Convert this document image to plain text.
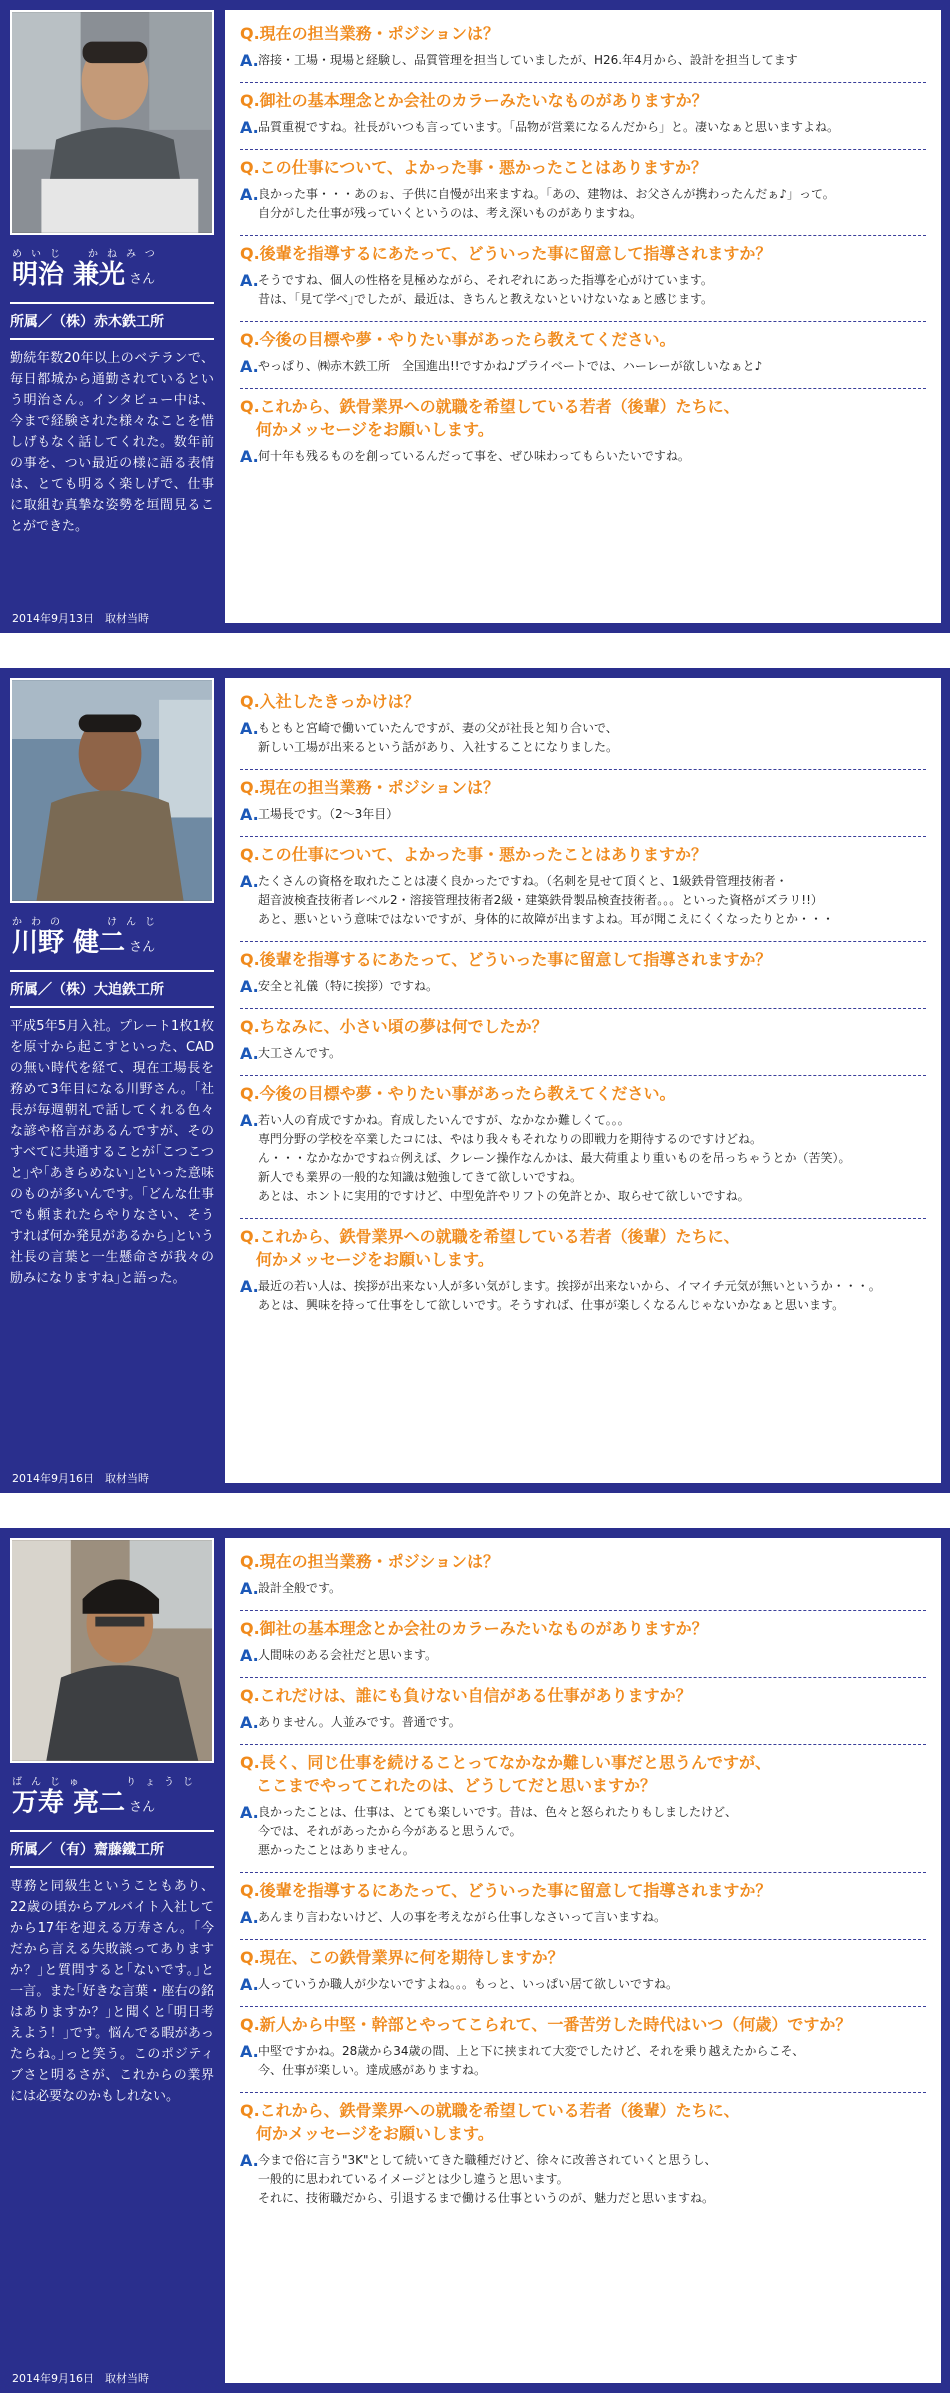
めいじ　かねみつ
明治 兼光 さん
所属／（株）赤木鉄工所
勤続年数20年以上のベテランで、毎日都城から通勤されているという明治さん。インタビュー中は、今まで経験された様々なことを惜しげもなく話してくれた。数年前の事を、つい最近の様に語る表情は、とても明るく楽しげで、仕事に取組む真摯な姿勢を垣間見ることができた。
2014年9月13日　取材当時
Q.現在の担当業務・ポジションは？
A. 溶接・工場・現場と経験し、品質管理を担当していましたが、H26.年4月から、設計を担当してます
Q.御社の基本理念とか会社のカラーみたいなものがありますか？
A. 品質重視ですね。社長がいつも言っています。「品物が営業になるんだから」と。凄いなぁと思いますよね。
Q.この仕事について、よかった事・悪かったことはありますか？
A. 良かった事・・・あのぉ、子供に自慢が出来ますね。「あの、建物は、お父さんが携わったんだぁ♪」って。
自分がした仕事が残っていくというのは、考え深いものがありますね。
Q.後輩を指導するにあたって、どういった事に留意して指導されますか？
A. そうですね、個人の性格を見極めながら、それぞれにあった指導を心がけています。
昔は、｢見て学べ｣でしたが、最近は、きちんと教えないといけないなぁと感じます。
Q.今後の目標や夢・やりたい事があったら教えてください。
A. やっぱり、㈱赤木鉄工所　全国進出!!ですかね♪プライベートでは、ハーレーが欲しいなぁと♪
Q.これから、鉄骨業界への就職を希望している若者（後輩）たちに、
　何かメッセージをお願いします。
A. 何十年も残るものを創っているんだって事を、ぜひ味わってもらいたいですね。
かわの　　けんじ
川野 健二 さん
所属／（株）大迫鉄工所
平成5年5月入社。プレート1枚1枚を原寸から起こすといった、CADの無い時代を経て、現在工場長を務めて3年目になる川野さん。｢社長が毎週朝礼で話してくれる色々な諺や格言があるんですが、そのすべてに共通することが｢こつこつと｣や｢あきらめない｣といった意味のものが多いんです。｢どんな仕事でも頼まれたらやりなさい、そうすれば何か発見があるから｣という社長の言葉と一生懸命さが我々の励みになりますね｣と語った。
2014年9月16日　取材当時
Q.入社したきっかけは？
A. もともと宮崎で働いていたんですが、妻の父が社長と知り合いで、
新しい工場が出来るという話があり、入社することになりました。
Q.現在の担当業務・ポジションは？
A. 工場長です。（2～3年目）
Q.この仕事について、よかった事・悪かったことはありますか？
A. たくさんの資格を取れたことは凄く良かったですね。（名刺を見せて頂くと、1級鉄骨管理技術者・
超音波検査技術者レベル2・溶接管理技術者2級・建築鉄骨製品検査技術者。。。といった資格がズラリ!!）
あと、悪いという意味ではないですが、身体的に故障が出ますよね。耳が聞こえにくくなったりとか・・・
Q.後輩を指導するにあたって、どういった事に留意して指導されますか？
A. 安全と礼儀（特に挨拶）ですね。
Q.ちなみに、小さい頃の夢は何でしたか？
A. 大工さんです。
Q.今後の目標や夢・やりたい事があったら教えてください。
A. 若い人の育成ですかね。育成したいんですが、なかなか難しくて。。。
専門分野の学校を卒業したコには、やはり我々もそれなりの即戦力を期待するのですけどね。
ん・・・なかなかですね☆例えば、クレーン操作なんかは、最大荷重より重いものを吊っちゃうとか（苦笑）。
新人でも業界の一般的な知識は勉強してきて欲しいですね。
あとは、ホントに実用的ですけど、中型免許やリフトの免許とか、取らせて欲しいですね。
Q.これから、鉄骨業界への就職を希望している若者（後輩）たちに、
　何かメッセージをお願いします。
A. 最近の若い人は、挨拶が出来ない人が多い気がします。挨拶が出来ないから、イマイチ元気が無いというか・・・。
あとは、興味を持って仕事をして欲しいです。そうすれば、仕事が楽しくなるんじゃないかなぁと思います。
ばんじゅ　　りょうじ
万寿 亮二 さん
所属／（有）齋藤鐵工所
専務と同級生ということもあり、22歳の頃からアルバイト入社してから17年を迎える万寿さん。｢今だから言える失敗談ってありますか？｣と質問すると｢ないです。｣と一言。また｢好きな言葉・座右の銘はありますか？｣と聞くと｢明日考えよう！｣です。悩んでる暇があったらね。｣っと笑う。このポジティブさと明るさが、これからの業界には必要なのかもしれない。
2014年9月16日　取材当時
Q.現在の担当業務・ポジションは？
A. 設計全般です。
Q.御社の基本理念とか会社のカラーみたいなものがありますか？
A. 人間味のある会社だと思います。
Q.これだけは、誰にも負けない自信がある仕事がありますか？
A. ありません。人並みです。普通です。
Q.長く、同じ仕事を続けることってなかなか難しい事だと思うんですが、
　ここまでやってこれたのは、どうしてだと思いますか？
A. 良かったことは、仕事は、とても楽しいです。昔は、色々と怒られたりもしましたけど、
今では、それがあったから今があると思うんで。
悪かったことはありません。
Q.後輩を指導するにあたって、どういった事に留意して指導されますか？
A. あんまり言わないけど、人の事を考えながら仕事しなさいって言いますね。
Q.現在、この鉄骨業界に何を期待しますか？
A. 人っていうか職人が少ないですよね。。。もっと、いっぱい居て欲しいですね。
Q.新人から中堅・幹部とやってこられて、一番苦労した時代はいつ（何歳）ですか？
A. 中堅ですかね。28歳から34歳の間、上と下に挟まれて大変でしたけど、それを乗り越えたからこそ、
今、仕事が楽しい。達成感がありますね。
Q.これから、鉄骨業界への就職を希望している若者（後輩）たちに、
　何かメッセージをお願いします。
A. 今まで俗に言う"3K"として続いてきた職種だけど、徐々に改善されていくと思うし、
一般的に思われているイメージとは少し違うと思います。
それに、技術職だから、引退するまで働ける仕事というのが、魅力だと思いますね。
